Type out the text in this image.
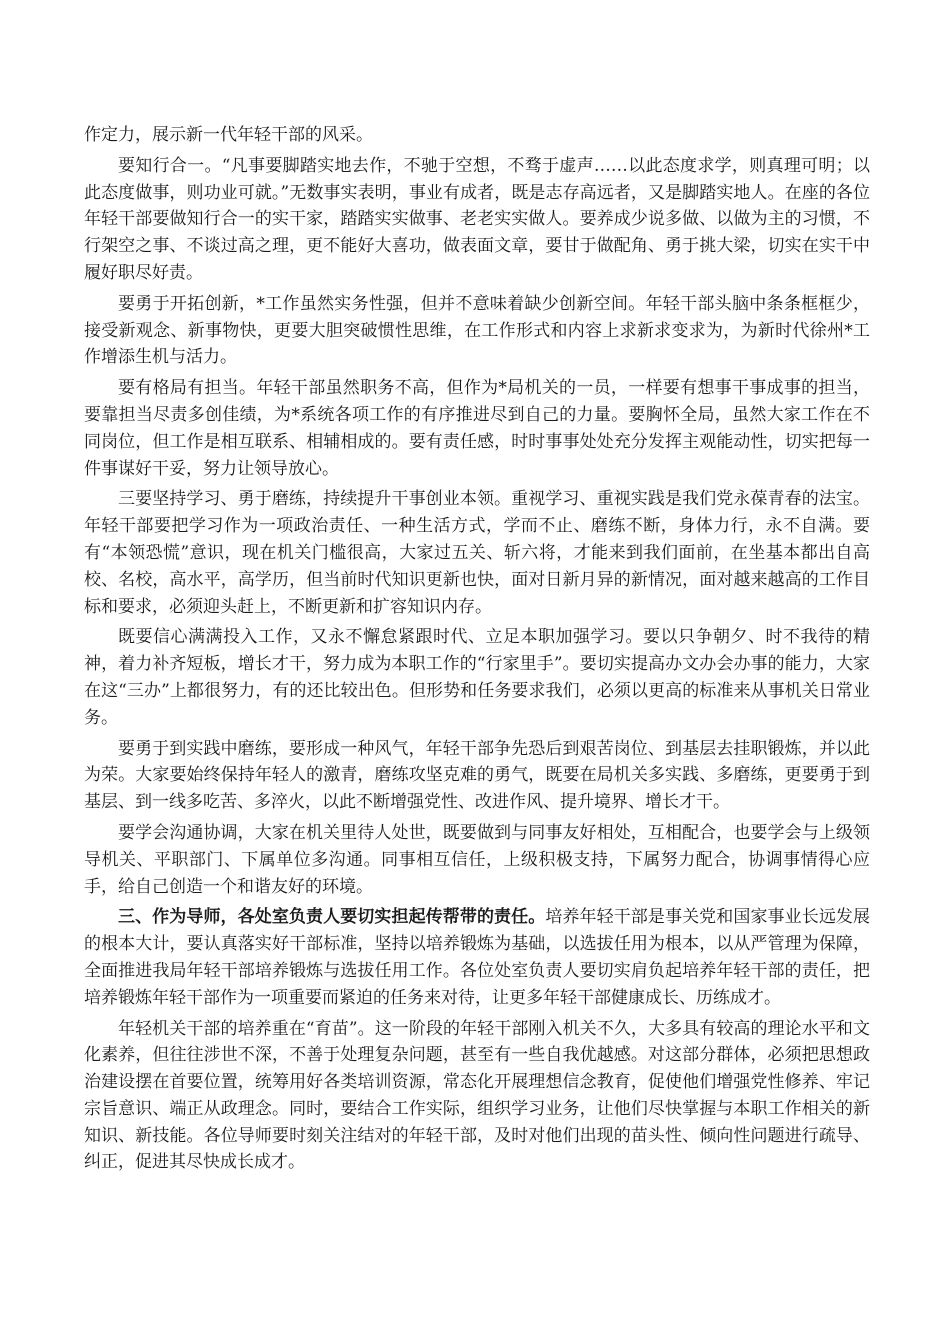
作定力，展示新一代年轻干部的风采。

要知行合一。“凡事要脚踏实地去作，不驰于空想，不骛于虚声……以此态度求学，则真理可明；以此态度做事，则功业可就。”无数事实表明，事业有成者，既是志存高远者，又是脚踏实地人。在座的各位年轻干部要做知行合一的实干家，踏踏实实做事、老老实实做人。要养成少说多做、以做为主的习惯，不行架空之事、不谈过高之理，更不能好大喜功，做表面文章，要甘于做配角、勇于挑大梁，切实在实干中履好职尽好责。

要勇于开拓创新，*工作虽然实务性强，但并不意味着缺少创新空间。年轻干部头脑中条条框框少，接受新观念、新事物快，更要大胆突破惯性思维，在工作形式和内容上求新求变求为，为新时代徐州*工作增添生机与活力。

要有格局有担当。年轻干部虽然职务不高，但作为*局机关的一员，一样要有想事干事成事的担当，要靠担当尽责多创佳绩，为*系统各项工作的有序推进尽到自己的力量。要胸怀全局，虽然大家工作在不同岗位，但工作是相互联系、相辅相成的。要有责任感，时时事事处处充分发挥主观能动性，切实把每一件事谋好干妥，努力让领导放心。

三要坚持学习、勇于磨练，持续提升干事创业本领。重视学习、重视实践是我们党永葆青春的法宝。年轻干部要把学习作为一项政治责任、一种生活方式，学而不止、磨练不断，身体力行，永不自满。要有“本领恐慌”意识，现在机关门槛很高，大家过五关、斩六将，才能来到我们面前，在坐基本都出自高校、名校，高水平，高学历，但当前时代知识更新也快，面对日新月异的新情况，面对越来越高的工作目标和要求，必须迎头赶上，不断更新和扩容知识内存。

既要信心满满投入工作，又永不懈怠紧跟时代、立足本职加强学习。要以只争朝夕、时不我待的精神，着力补齐短板，增长才干，努力成为本职工作的“行家里手”。要切实提高办文办会办事的能力，大家在这“三办”上都很努力，有的还比较出色。但形势和任务要求我们，必须以更高的标准来从事机关日常业务。

要勇于到实践中磨练，要形成一种风气，年轻干部争先恐后到艰苦岗位、到基层去挂职锻炼，并以此为荣。大家要始终保持年轻人的激青，磨练攻坚克难的勇气，既要在局机关多实践、多磨练，更要勇于到基层、到一线多吃苦、多淬火，以此不断增强党性、改进作风、提升境界、增长才干。

要学会沟通协调，大家在机关里待人处世，既要做到与同事友好相处，互相配合，也要学会与上级领导机关、平职部门、下属单位多沟通。同事相互信任，上级积极支持，下属努力配合，协调事情得心应手，给自己创造一个和谐友好的环境。

三、作为导师，各处室负责人要切实担起传帮带的责任。培养年轻干部是事关党和国家事业长远发展的根本大计，要认真落实好干部标准，坚持以培养锻炼为基础，以选拔任用为根本，以从严管理为保障，全面推进我局年轻干部培养锻炼与选拔任用工作。各位处室负责人要切实肩负起培养年轻干部的责任，把培养锻炼年轻干部作为一项重要而紧迫的任务来对待，让更多年轻干部健康成长、历练成才。

年轻机关干部的培养重在“育苗”。这一阶段的年轻干部刚入机关不久，大多具有较高的理论水平和文化素养，但往往涉世不深，不善于处理复杂问题，甚至有一些自我优越感。对这部分群体，必须把思想政治建设摆在首要位置，统筹用好各类培训资源，常态化开展理想信念教育，促使他们增强党性修养、牢记宗旨意识、端正从政理念。同时，要结合工作实际，组织学习业务，让他们尽快掌握与本职工作相关的新知识、新技能。各位导师要时刻关注结对的年轻干部，及时对他们出现的苗头性、倾向性问题进行疏导、纠正，促进其尽快成长成才。
